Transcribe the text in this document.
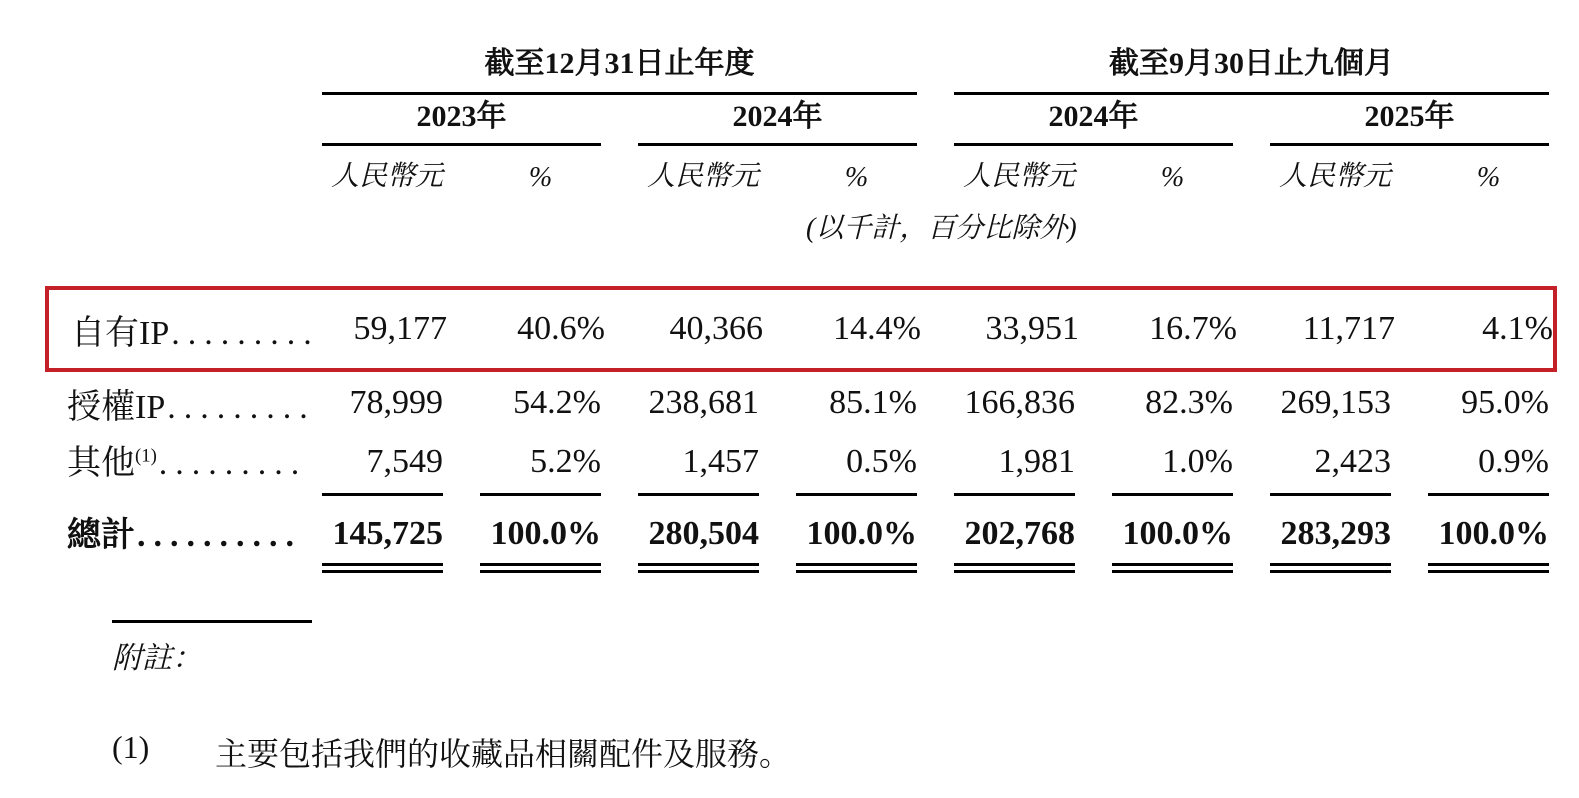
截至12月31日止年度	截至9月30日止九個月
2023年	2024年	2024年	2025年
人民幣元	%	人民幣元	%	人民幣元	%	人民幣元	%
(以千計，百分比除外)
自有IP......... 59,177	40.6%	40,366	14.4%	33,951	16.7%	11,717	4.1%
授權IP......... 78,999	54.2%	238,681	85.1%	166,836	82.3%	269,153	95.0%
其他$^{(1)}$.........	7,549	5.2%	1,457	0.5%	1,981	1.0%	2,423	0.9%
總計.......... 145,725	100.0%	280,504	100.0%	202,768	100.0%	283,293	100.0%
附註：
(1)	主要包括我們的收藏品相關配件及服務。
